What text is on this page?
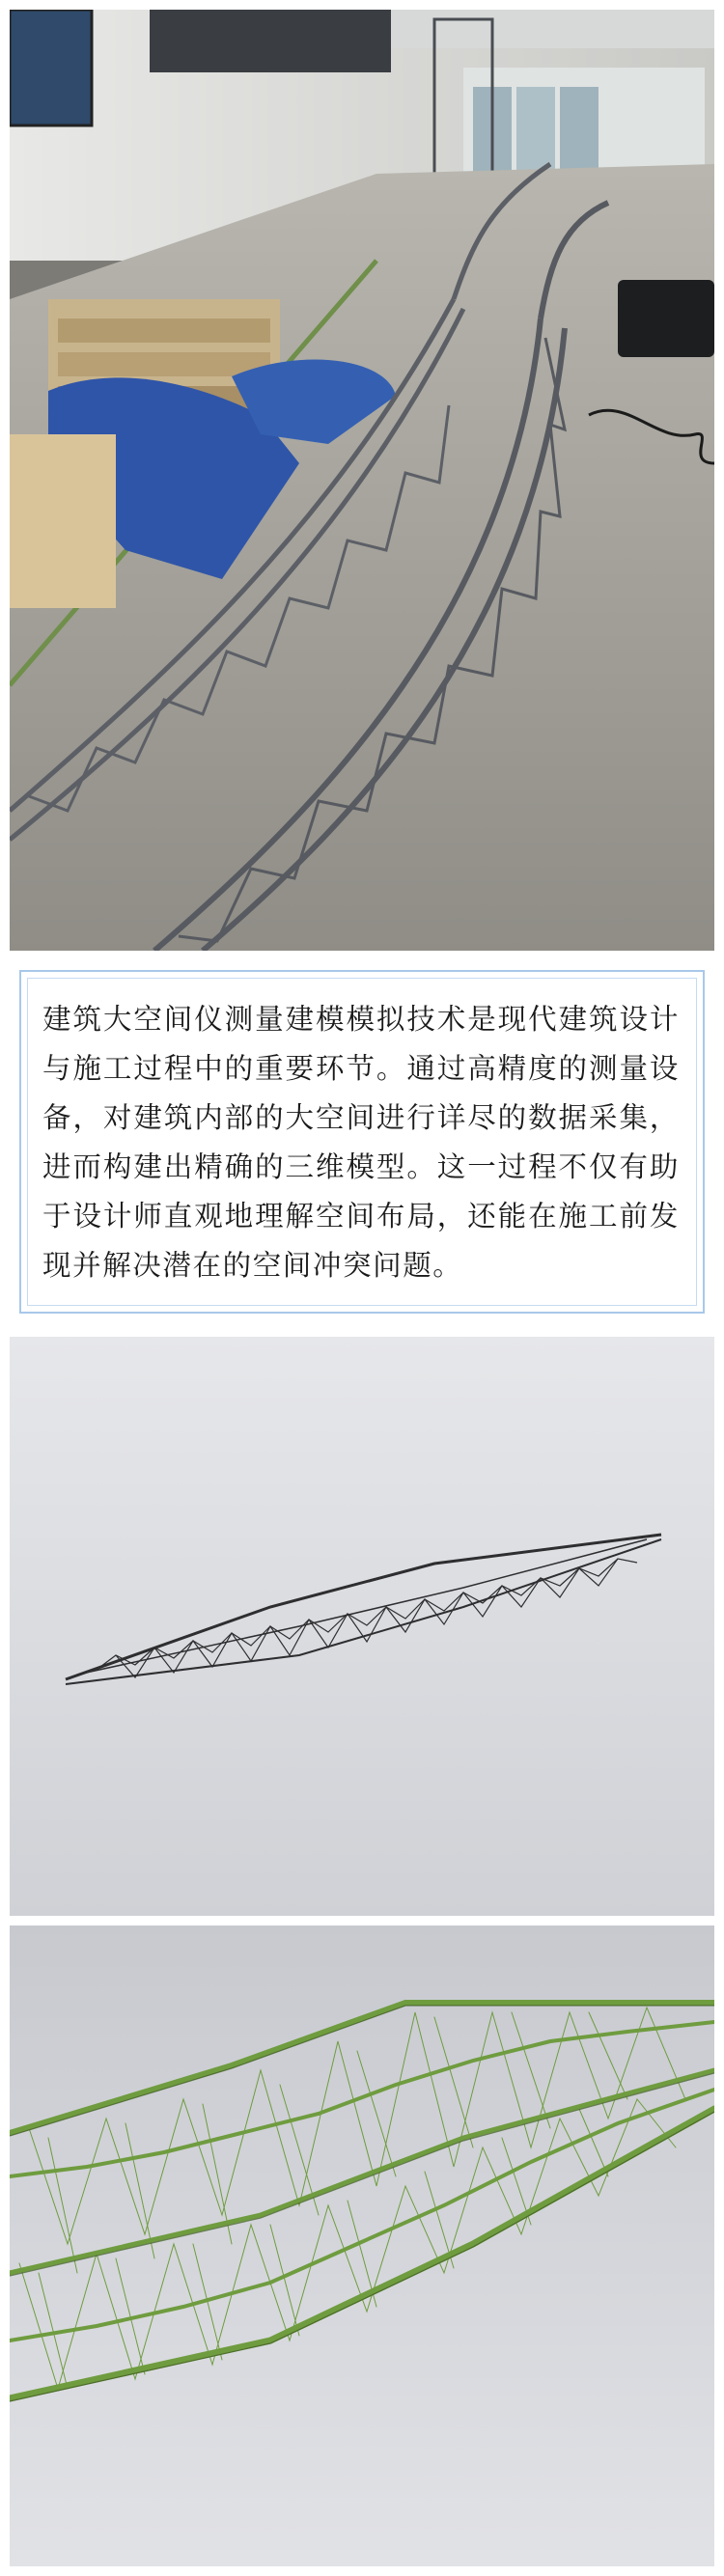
建筑大空间仪测量建模模拟技术是现代建筑设计与施工过程中的重要环节。通过高精度的测量设备，对建筑内部的大空间进行详尽的数据采集，进而构建出精确的三维模型。这一过程不仅有助于设计师直观地理解空间布局，还能在施工前发现并解决潜在的空间冲突问题。
